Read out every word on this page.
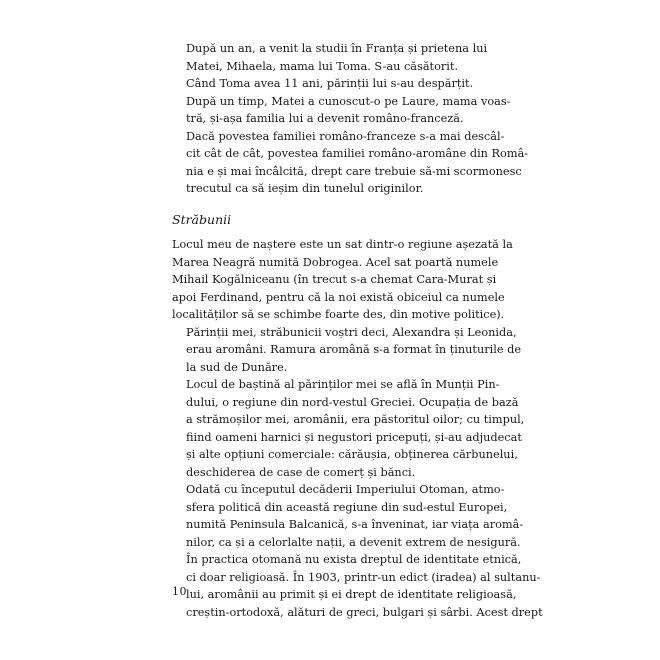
După un an, a venit la studii în Franța și prietena lui
Matei, Mihaela, mama lui Toma. S-au căsătorit.

Când Toma avea 11 ani, părinții lui s-au despărțit.

După un timp, Matei a cunoscut-o pe Laure, mama voas-
tră, și-așa familia lui a devenit româno-franceză.

Dacă povestea familiei româno-franceze s-a mai descâl-
cit cât de cât, povestea familiei româno-aromâne din Româ-
nia e și mai încâlcită, drept care trebuie să-mi scormonesc
trecutul ca să ieșim din tunelul originilor.

Străbunii

Locul meu de naștere este un sat dintr-o regiune așezată la
Marea Neagră numită Dobrogea. Acel sat poartă numele
Mihail Kogălniceanu (în trecut s-a chemat Cara-Murat și
apoi Ferdinand, pentru că la noi există obiceiul ca numele
localităților să se schimbe foarte des, din motive politice).

Părinții mei, străbunicii voștri deci, Alexandra și Leonida,
erau aromâni. Ramura aromână s-a format în ținuturile de
la sud de Dunăre.

Locul de baștină al părinților mei se află în Munții Pin-
dului, o regiune din nord-vestul Greciei. Ocupația de bază
a strămoșilor mei, aromânii, era păstoritul oilor; cu timpul,
fiind oameni harnici și negustori pricepuți, și-au adjudecat
și alte opțiuni comerciale: cărăușia, obținerea cărbunelui,
deschiderea de case de comerț și bănci.

Odată cu începutul decăderii Imperiului Otoman, atmo-
sfera politică din această regiune din sud-estul Europei,
numită Peninsula Balcanică, s-a înveninat, iar viața aromâ-
nilor, ca și a celorlalte nații, a devenit extrem de nesigură.

În practica otomană nu exista dreptul de identitate etnică,
ci doar religioasă. În 1903, printr-un edict (iradea) al sultanu-
lui, aromânii au primit și ei drept de identitate religioasă,
creștin-ortodoxă, alături de greci, bulgari și sârbi. Acest drept

10
